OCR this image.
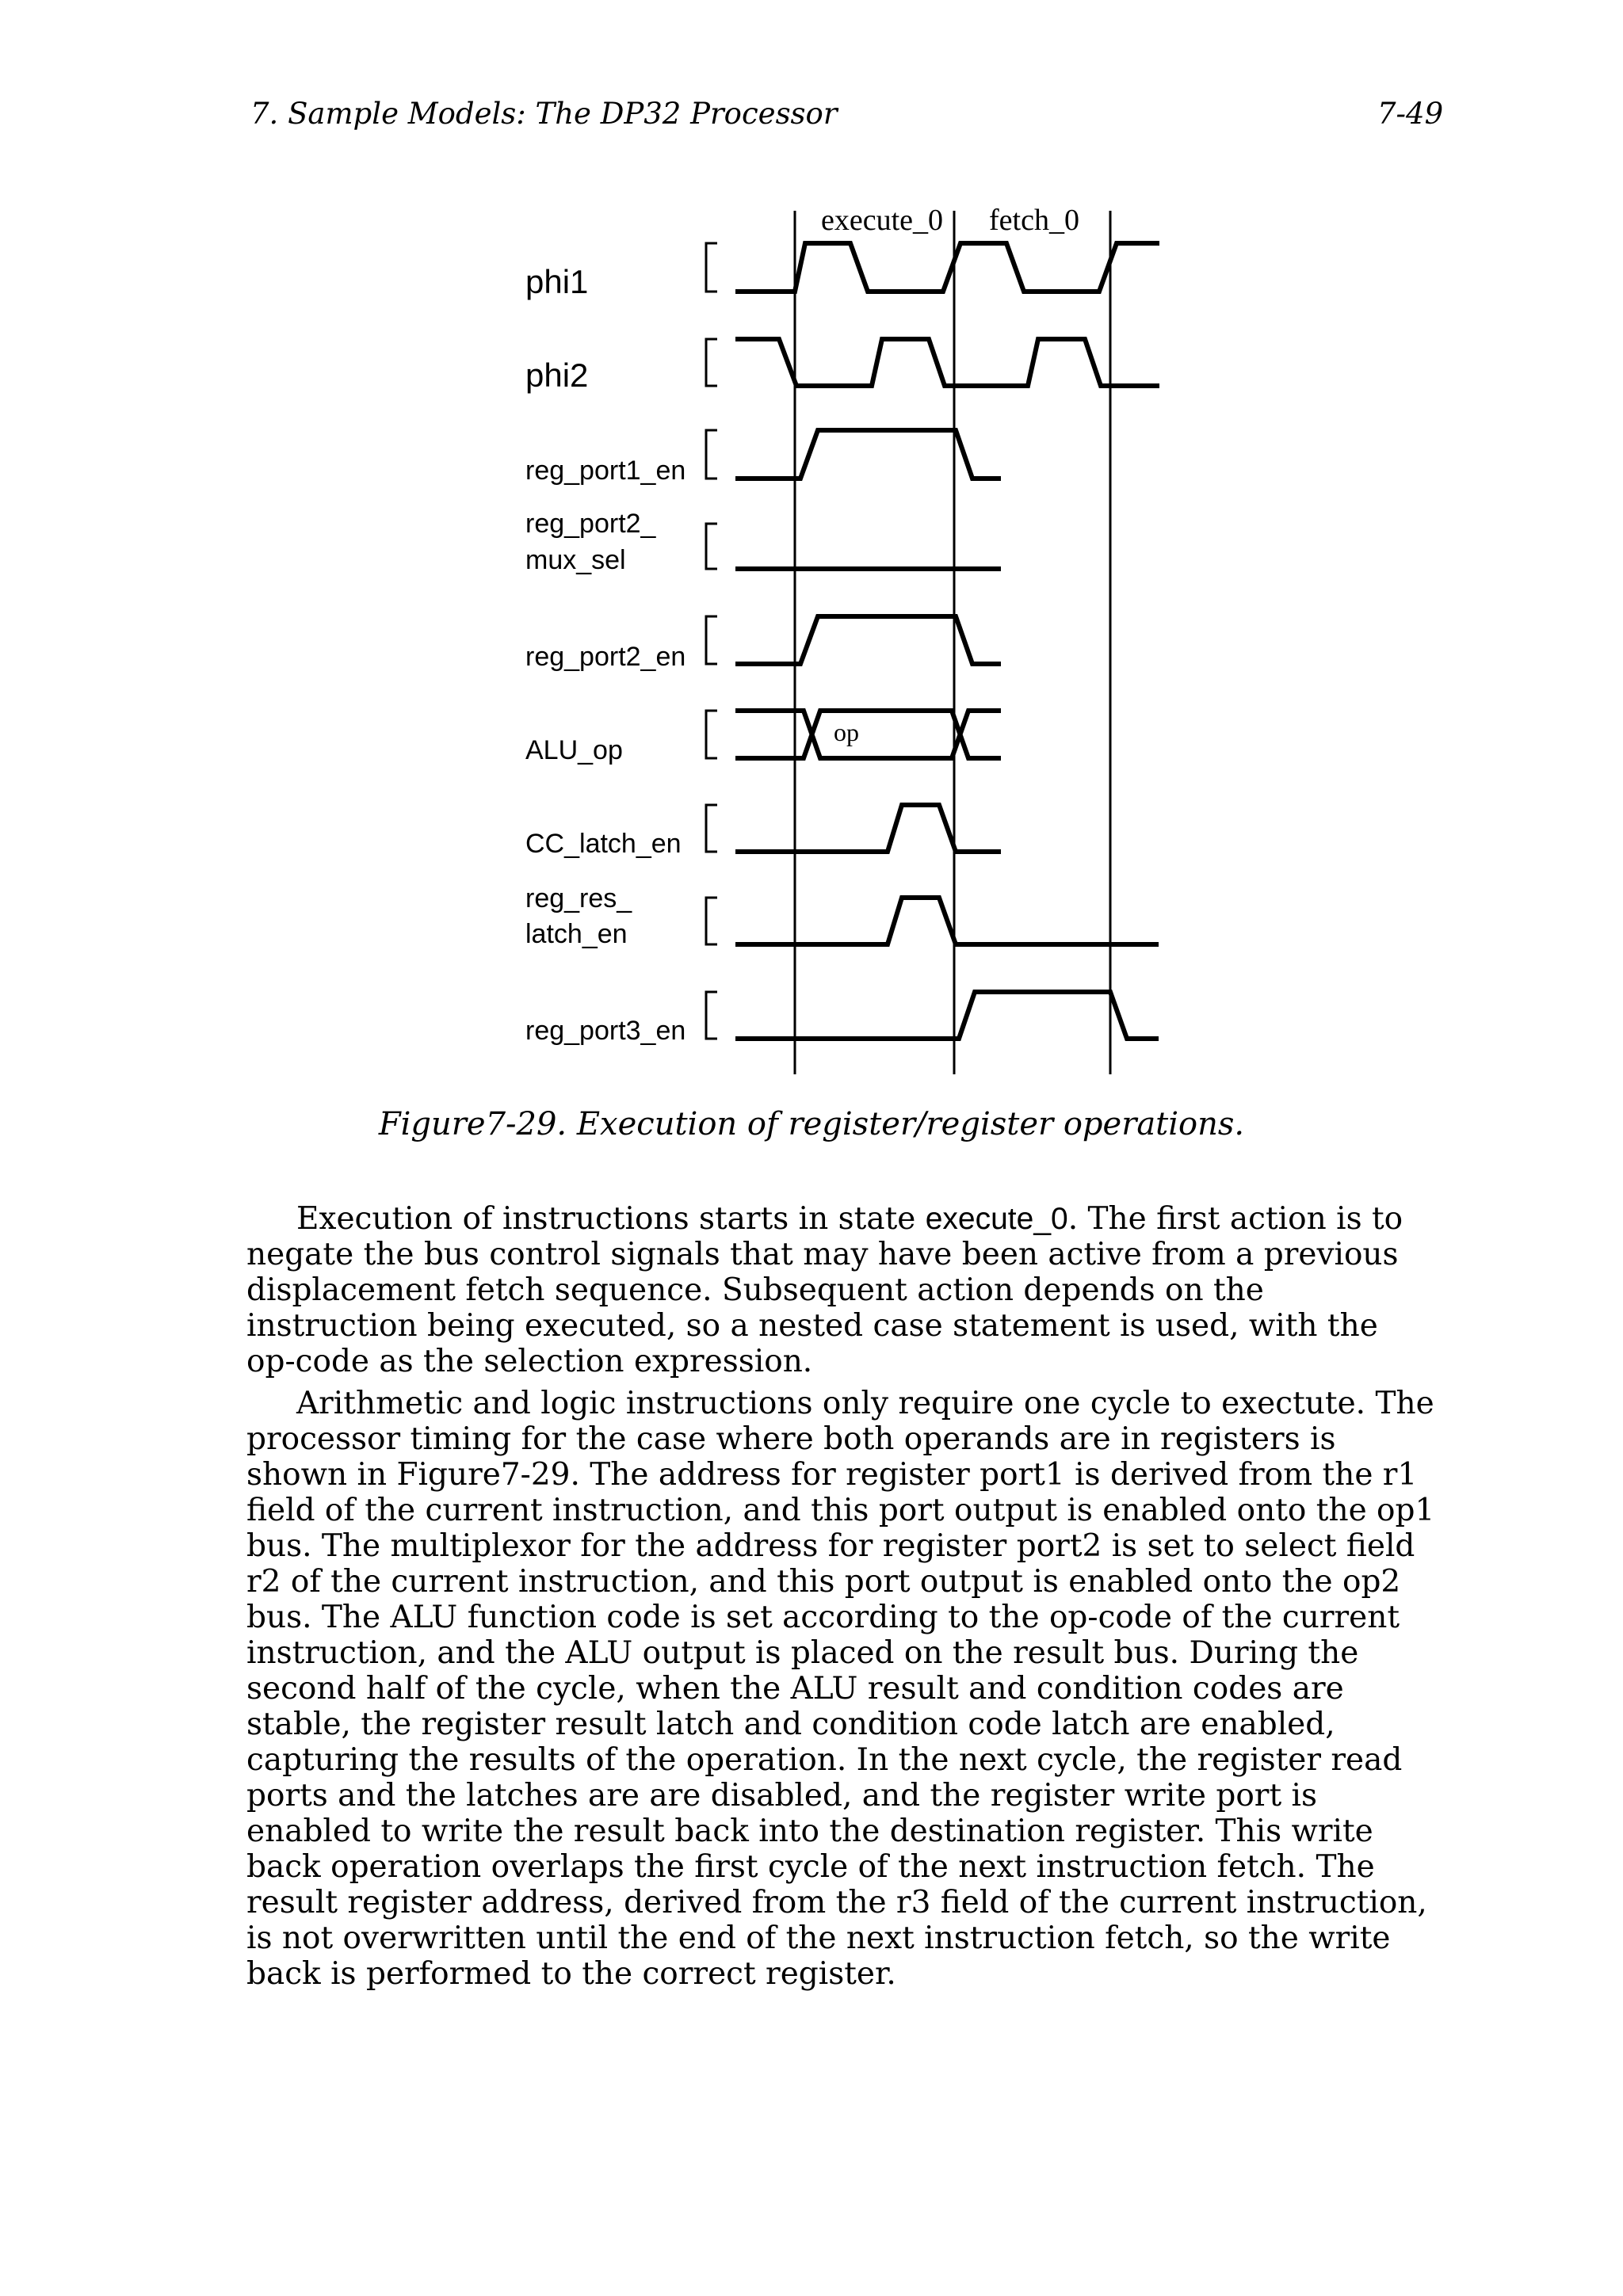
7. Sample Models: The DP32 Processor	7-49
phi1
phi2
reg_port1_en
reg_port2_
mux_sel
reg_port2_en
ALU_op
CC_latch_en
reg_res_
latch_en
reg_port3_en
execute_0 fetch_0
op
Figure7-29. Execution of register/register operations.

Execution of instructions starts in state execute_0. The first action is to negate the bus control signals that may have been active from a previous displacement fetch sequence. Subsequent action depends on the instruction being executed, so a nested case statement is used, with the op-code as the selection expression.

Arithmetic and logic instructions only require one cycle to exectute. The processor timing for the case where both operands are in registers is shown in Figure7-29. The address for register port1 is derived from the r1 field of the current instruction, and this port output is enabled onto the op1 bus. The multiplexor for the address for register port2 is set to select field r2 of the current instruction, and this port output is enabled onto the op2 bus. The ALU function code is set according to the op-code of the current instruction, and the ALU output is placed on the result bus. During the second half of the cycle, when the ALU result and condition codes are stable, the register result latch and condition code latch are enabled, capturing the results of the operation. In the next cycle, the register read ports and the latches are are disabled, and the register write port is enabled to write the result back into the destination register. This write back operation overlaps the first cycle of the next instruction fetch. The result register address, derived from the r3 field of the current instruction, is not overwritten until the end of the next instruction fetch, so the write back is performed to the correct register.
